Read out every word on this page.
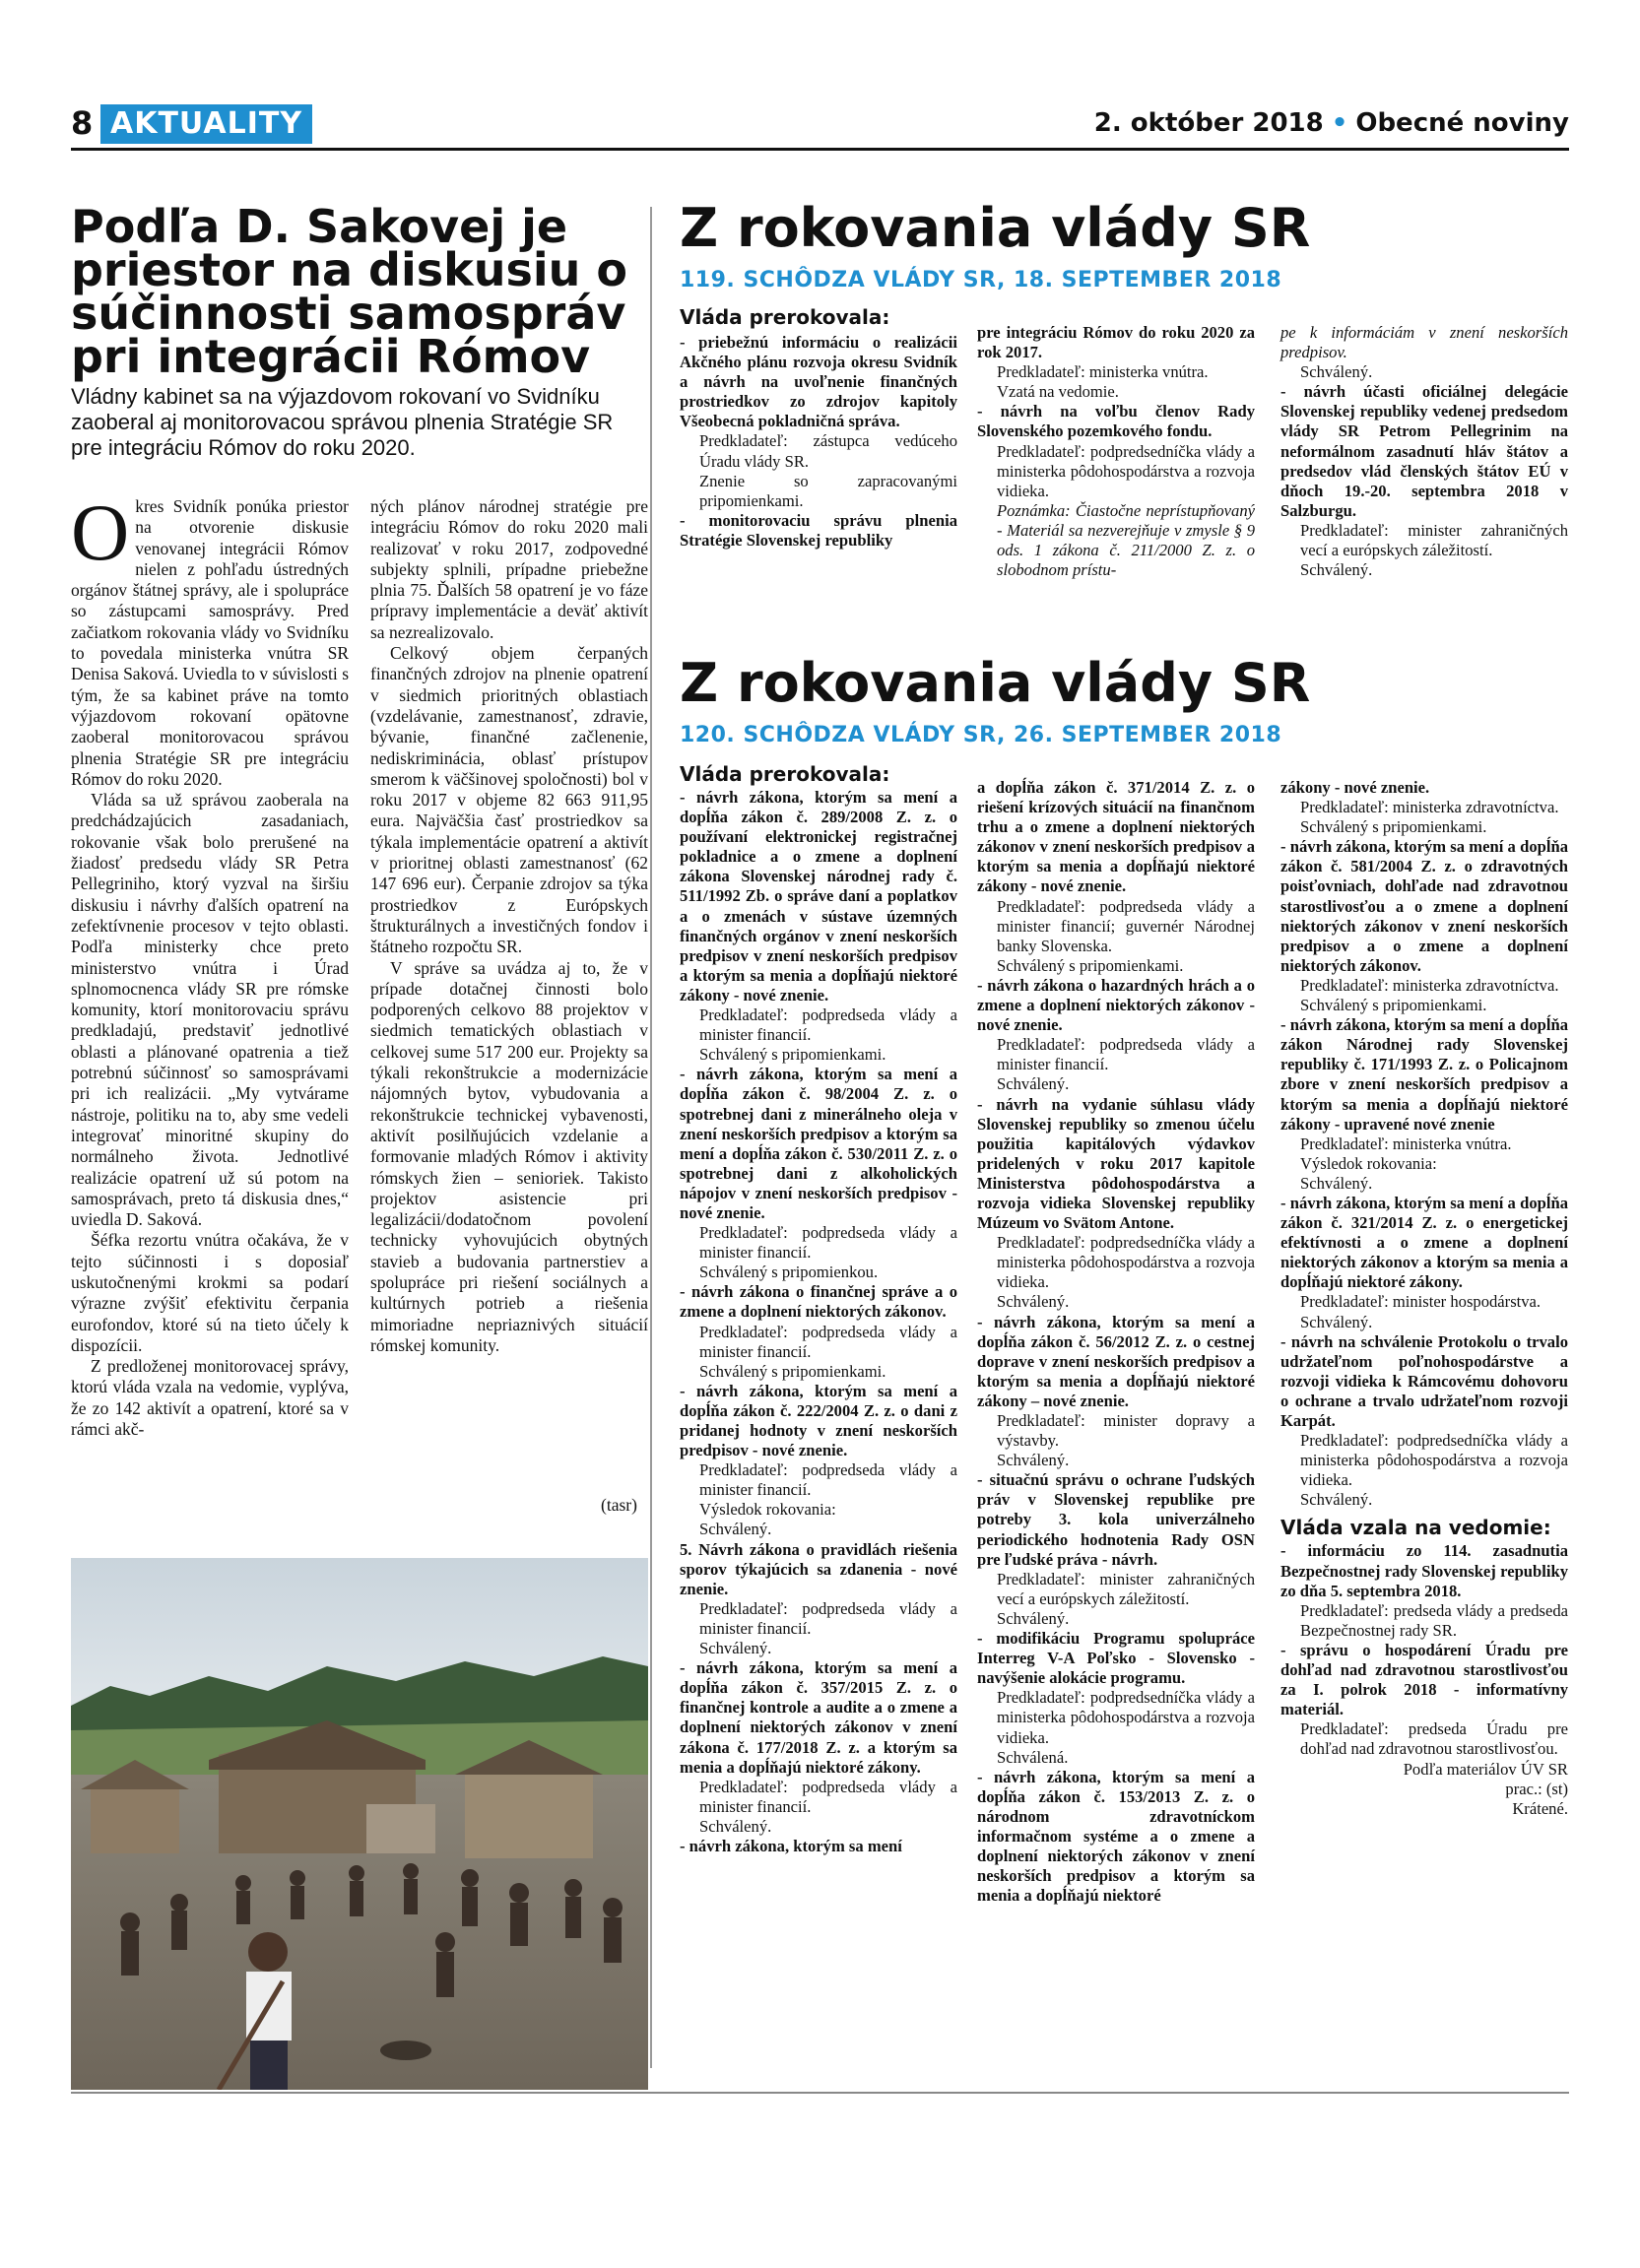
8 AKTUALITY	2. október 2018 • Obecné noviny
Podľa D. Sakovej je priestor na diskusiu o súčinnosti samospráv pri integrácii Rómov
Vládny kabinet sa na výjazdovom rokovaní vo Svidníku zaoberal aj monitorovacou správou plnenia Stratégie SR pre integráciu Rómov do roku 2020.
O kres Svidník ponúka priestor na otvorenie diskusie venovanej integrácii Rómov nielen z pohľadu ústredných orgánov štátnej správy, ale i spolupráce so zástupcami samosprávy. Pred začiatkom rokovania vlády vo Svidníku to povedala ministerka vnútra SR Denisa Saková. Uviedla to v súvislosti s tým, že sa kabinet práve na tomto výjazdovom rokovaní opätovne zaoberal monitorovacou správou plnenia Stratégie SR pre integráciu Rómov do roku 2020.

Vláda sa už správou zaoberala na predchádzajúcich zasadaniach, rokovanie však bolo prerušené na žiadosť predsedu vlády SR Petra Pellegriniho, ktorý vyzval na širšiu diskusiu i návrhy ďalších opatrení na zefektívnenie procesov v tejto oblasti. Podľa ministerky chce preto ministerstvo vnútra i Úrad splnomocnenca vlády SR pre rómske komunity, ktorí monitorovaciu správu predkladajú, predstaviť jednotlivé oblasti a plánované opatrenia a tiež potrebnú súčinnosť so samosprávami pri ich realizácii. „My vytvárame nástroje, politiku na to, aby sme vedeli integrovať minoritné skupiny do normálneho života. Jednotlivé realizácie opatrení už sú potom na samosprávach, preto tá diskusia dnes,“ uviedla D. Saková.

Šéfka rezortu vnútra očakáva, že v tejto súčinnosti i s doposiaľ uskutočnenými krokmi sa podarí výrazne zvýšiť efektivitu čerpania eurofondov, ktoré sú na tieto účely k dispozícii.

Z predloženej monitorovacej správy, ktorú vláda vzala na vedomie, vyplýva, že zo 142 aktivít a opatrení, ktoré sa v rámci akč-

ných plánov národnej stratégie pre integráciu Rómov do roku 2020 mali realizovať v roku 2017, zodpovedné subjekty splnili, prípadne priebežne plnia 75. Ďalších 58 opatrení je vo fáze prípravy implementácie a deväť aktivít sa nezrealizovalo.

Celkový objem čerpaných finančných zdrojov na plnenie opatrení v siedmich prioritných oblastiach (vzdelávanie, zamestnanosť, zdravie, bývanie, finančné začlenenie, nediskriminácia, oblasť prístupov smerom k väčšinovej spoločnosti) bol v roku 2017 v objeme 82 663 911,95 eura. Najväčšia časť prostriedkov sa týkala implementácie opatrení a aktivít v prioritnej oblasti zamestnanosť (62 147 696 eur). Čerpanie zdrojov sa týka prostriedkov z Európskych štrukturálnych a investičných fondov i štátneho rozpočtu SR.

V správe sa uvádza aj to, že v prípade dotačnej činnosti bolo podporených celkovo 88 projektov v siedmich tematických oblastiach v celkovej sume 517 200 eur. Projekty sa týkali rekonštrukcie a modernizácie nájomných bytov, vybudovania a rekonštrukcie technickej vybavenosti, aktivít posilňujúcich vzdelanie a formovanie mladých Rómov i aktivity rómskych žien – senioriek. Takisto projektov asistencie pri legalizácii/dodatočnom povolení technicky vyhovujúcich obytných stavieb a budovania partnerstiev a spolupráce pri riešení sociálnych a kultúrnych potrieb a riešenia mimoriadne nepriaznivých situácií rómskej komunity.

(tasr)
Z rokovania vlády SR
119. SCHÔDZA VLÁDY SR, 18. SEPTEMBER 2018
Vláda prerokovala:

- priebežnú informáciu o realizácii Akčného plánu rozvoja okresu Svidník a návrh na uvoľnenie finančných prostriedkov zo zdrojov kapitoly Všeobecná pokladničná správa.

Predkladateľ: zástupca vedúceho Úradu vlády SR.

Znenie so zapracovanými pripomienkami.

- monitorovaciu správu plnenia Stratégie Slovenskej republiky

pre integráciu Rómov do roku 2020 za rok 2017.

Predkladateľ: ministerka vnútra.

Vzatá na vedomie.

- návrh na voľbu členov Rady Slovenského pozemkového fondu.

Predkladateľ: podpredsedníčka vlády a ministerka pôdohospodárstva a rozvoja vidieka.

Poznámka: Čiastočne neprístupňovaný - Materiál sa nezverejňuje v zmysle § 9 ods. 1 zákona č. 211/2000 Z. z. o slobodnom prístu-

pe k informáciám v znení neskorších predpisov.

Schválený.

- návrh účasti oficiálnej delegácie Slovenskej republiky vedenej predsedom vlády SR Petrom Pellegrinim na neformálnom zasadnutí hláv štátov a predsedov vlád členských štátov EÚ v dňoch 19.-20. septembra 2018 v Salzburgu.

Predkladateľ: minister zahraničných vecí a európskych záležitostí.

Schválený.

Z rokovania vlády SR
120. SCHÔDZA VLÁDY SR, 26. SEPTEMBER 2018
Vláda prerokovala:

- návrh zákona, ktorým sa mení a dopĺňa zákon č. 289/2008 Z. z. o používaní elektronickej registračnej pokladnice a o zmene a doplnení zákona Slovenskej národnej rady č. 511/1992 Zb. o správe daní a poplatkov a o zmenách v sústave územných finančných orgánov v znení neskorších predpisov v znení neskorších predpisov a ktorým sa menia a dopĺňajú niektoré zákony - nové znenie.

Predkladateľ: podpredseda vlády a minister financií.

Schválený s pripomienkami.

- návrh zákona, ktorým sa mení a dopĺňa zákon č. 98/2004 Z. z. o spotrebnej dani z minerálneho oleja v znení neskorších predpisov a ktorým sa mení a dopĺňa zákon č. 530/2011 Z. z. o spotrebnej dani z alkoholických nápojov v znení neskorších predpisov - nové znenie.

Predkladateľ: podpredseda vlády a minister financií.

Schválený s pripomienkou.

- návrh zákona o finančnej správe a o zmene a doplnení niektorých zákonov.

Predkladateľ: podpredseda vlády a minister financií.

Schválený s pripomienkami.

- návrh zákona, ktorým sa mení a dopĺňa zákon č. 222/2004 Z. z. o dani z pridanej hodnoty v znení neskorších predpisov - nové znenie.

Predkladateľ: podpredseda vlády a minister financií.

Výsledok rokovania:

Schválený.

5. Návrh zákona o pravidlách riešenia sporov týkajúcich sa zdanenia - nové znenie.

Predkladateľ: podpredseda vlády a minister financií.

Schválený.

- návrh zákona, ktorým sa mení a dopĺňa zákon č. 357/2015 Z. z. o finančnej kontrole a audite a o zmene a doplnení niektorých zákonov v znení zákona č. 177/2018 Z. z. a ktorým sa menia a dopĺňajú niektoré zákony.

Predkladateľ: podpredseda vlády a minister financií.

Schválený.

- návrh zákona, ktorým sa mení

a dopĺňa zákon č. 371/2014 Z. z. o riešení krízových situácií na finančnom trhu a o zmene a doplnení niektorých zákonov v znení neskorších predpisov a ktorým sa menia a dopĺňajú niektoré zákony - nové znenie.

Predkladateľ: podpredseda vlády a minister financií; guvernér Národnej banky Slovenska.

Schválený s pripomienkami.

- návrh zákona o hazardných hrách a o zmene a doplnení niektorých zákonov - nové znenie.

Predkladateľ: podpredseda vlády a minister financií.

Schválený.

- návrh na vydanie súhlasu vlády Slovenskej republiky so zmenou účelu použitia kapitálových výdavkov pridelených v roku 2017 kapitole Ministerstva pôdohospodárstva a rozvoja vidieka Slovenskej republiky Múzeum vo Svätom Antone.

Predkladateľ: podpredsedníčka vlády a ministerka pôdohospodárstva a rozvoja vidieka.

Schválený.

- návrh zákona, ktorým sa mení a dopĺňa zákon č. 56/2012 Z. z. o cestnej doprave v znení neskorších predpisov a ktorým sa menia a dopĺňajú niektoré zákony – nové znenie.

Predkladateľ: minister dopravy a výstavby.

Schválený.

- situačnú správu o ochrane ľudských práv v Slovenskej republike pre potreby 3. kola univerzálneho periodického hodnotenia Rady OSN pre ľudské práva - návrh.

Predkladateľ: minister zahraničných vecí a európskych záležitostí.

Schválený.

- modifikáciu Programu spolupráce Interreg V-A Poľsko - Slovensko - navýšenie alokácie programu.

Predkladateľ: podpredsedníčka vlády a ministerka pôdohospodárstva a rozvoja vidieka.

Schválená.

- návrh zákona, ktorým sa mení a dopĺňa zákon č. 153/2013 Z. z. o národnom zdravotníckom informačnom systéme a o zmene a doplnení niektorých zákonov v znení neskorších predpisov a ktorým sa menia a dopĺňajú niektoré

zákony - nové znenie.

Predkladateľ: ministerka zdravotníctva.

Schválený s pripomienkami.

- návrh zákona, ktorým sa mení a dopĺňa zákon č. 581/2004 Z. z. o zdravotných poisťovniach, dohľade nad zdravotnou starostlivosťou a o zmene a doplnení niektorých zákonov v znení neskorších predpisov a o zmene a doplnení niektorých zákonov.

Predkladateľ: ministerka zdravotníctva.

Schválený s pripomienkami.

- návrh zákona, ktorým sa mení a dopĺňa zákon Národnej rady Slovenskej republiky č. 171/1993 Z. z. o Policajnom zbore v znení neskorších predpisov a ktorým sa menia a dopĺňajú niektoré zákony - upravené nové znenie

Predkladateľ: ministerka vnútra.

Výsledok rokovania:

Schválený.

- návrh zákona, ktorým sa mení a dopĺňa zákon č. 321/2014 Z. z. o energetickej efektívnosti a o zmene a doplnení niektorých zákonov a ktorým sa menia a dopĺňajú niektoré zákony.

Predkladateľ: minister hospodárstva.

Schválený.

- návrh na schválenie Protokolu o trvalo udržateľnom poľnohospodárstve a rozvoji vidieka k Rámcovému dohovoru o ochrane a trvalo udržateľnom rozvoji Karpát.

Predkladateľ: podpredsedníčka vlády a ministerka pôdohospodárstva a rozvoja vidieka.

Schválený.

Vláda vzala na vedomie:

- informáciu zo 114. zasadnutia Bezpečnostnej rady Slovenskej republiky zo dňa 5. septembra 2018.

Predkladateľ: predseda vlády a predseda Bezpečnostnej rady SR.

- správu o hospodárení Úradu pre dohľad nad zdravotnou starostlivosťou za I. polrok 2018 - informatívny materiál.

Predkladateľ: predseda Úradu pre dohľad nad zdravotnou starostlivosťou.

Podľa materiálov ÚV SR

prac.: (st)

Krátené.
